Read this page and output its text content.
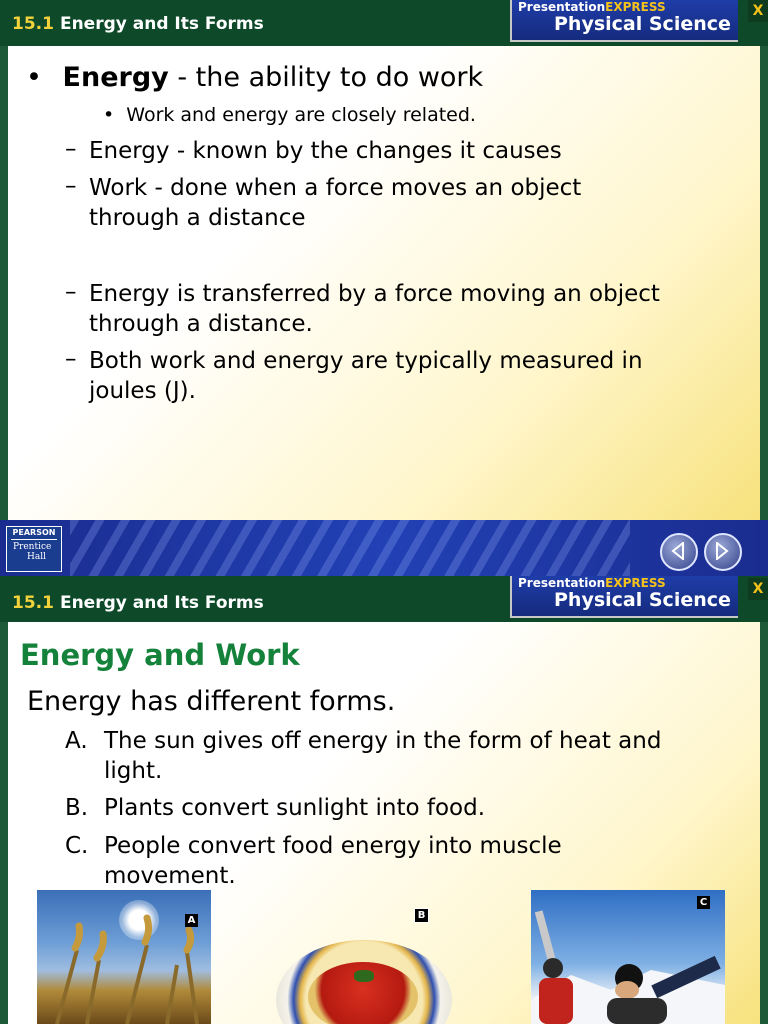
15.1 Energy and Its Forms
PresentationEXPRESS
Physical Science
X
• Energy - the ability to do work
• Work and energy are closely related.
– Energy - known by the changes it causes
– Work - done when a force moves an object
through a distance
– Energy is transferred by a force moving an object
through a distance.
– Both work and energy are typically measured in
joules (J).
PEARSON
Prentice
Hall
15.1 Energy and Its Forms
PresentationEXPRESS
Physical Science	X
Energy and Work
Energy has different forms.
A. The sun gives off energy in the form of heat and
light.
B. Plants convert sunlight into food.
C. People convert food energy into muscle
movement.
A	B
C
